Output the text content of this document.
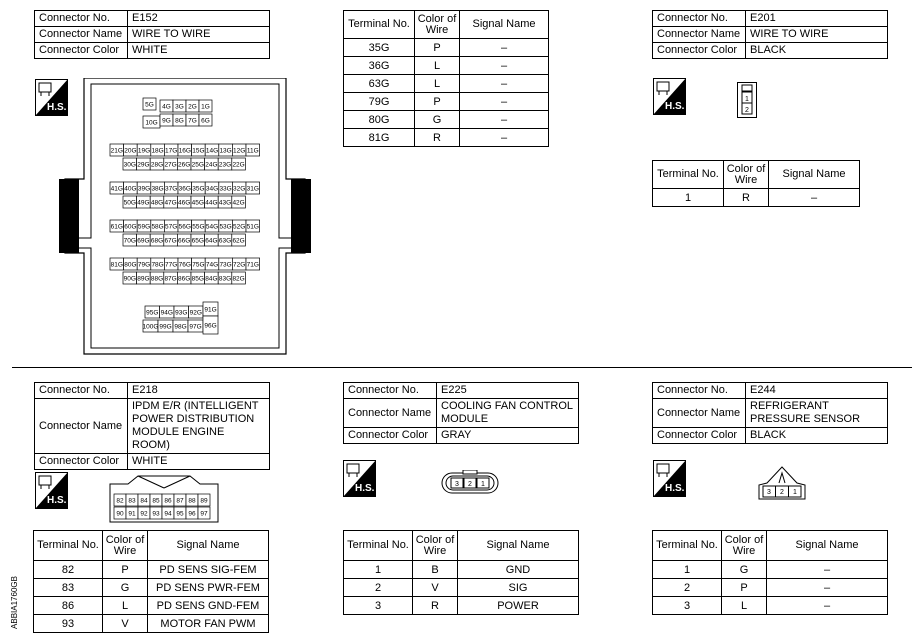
Connector No.	E152
Connector Name	WIRE TO WIRE
Connector Color	WHITE
H.S.	5G 4G 3G 2G 1G
10G 9G 8G 7G 6G
21G 20G 19G 18G 17G 16G 15G 14G 13G 12G 11G
30G 29G 28G 27G 26G 25G 24G 23G 22G
41G 40G 39G 38G 37G 36G 35G 34G 33G 32G 31G
50G 49G 48G 47G 46G 45G 44G 43G 42G
61G 60G 59G 58G 57G 56G 55G 54G 53G 52G 51G
70G 69G 68G 67G 66G 65G 64G 63G 62G
81G 80G 79G 78G 77G 76G 75G 74G 73G 72G 71G
90G 89G 88G 87G 86G 85G 84G 83G 82G
95G 94G 93G 92G
100G 99G 98G 97G
91G
96G
Terminal No.	Color of Wire	Signal Name
35G	P	–
36G	L	–
63G	L	–
79G	P	–
80G	G	–
81G	R	–
Connector No.	E201
Connector Name	WIRE TO WIRE
Connector Color	BLACK
H.S.
1
2
Terminal No.	Color of Wire	Signal Name
1	R	–
Connector No.	E218
Connector Name	IPDM E/R (INTELLIGENT POWER DISTRIBUTION MODULE ENGINE ROOM)
Connector Color	WHITE
H.S.	82 83 84 85 86 87 88 89
90 91 92 93 94 95 96 97
Terminal No.	Color of Wire	Signal Name
82	P	PD SENS SIG-FEM
83	G	PD SENS PWR-FEM
86	L	PD SENS GND-FEM
93	V	MOTOR FAN PWM
Connector No.	E225
Connector Name	COOLING FAN CONTROL MODULE
Connector Color	GRAY
H.S.	3 2 1
Terminal No.	Color of Wire	Signal Name
1	B	GND
2	V	SIG
3	R	POWER
Connector No.	E244
Connector Name	REFRIGERANT PRESSURE SENSOR
Connector Color	BLACK
H.S.	3 2 1
Terminal No.	Color of Wire	Signal Name
1	G	–
2	P	–
3	L	–
ABBIA1760GB
